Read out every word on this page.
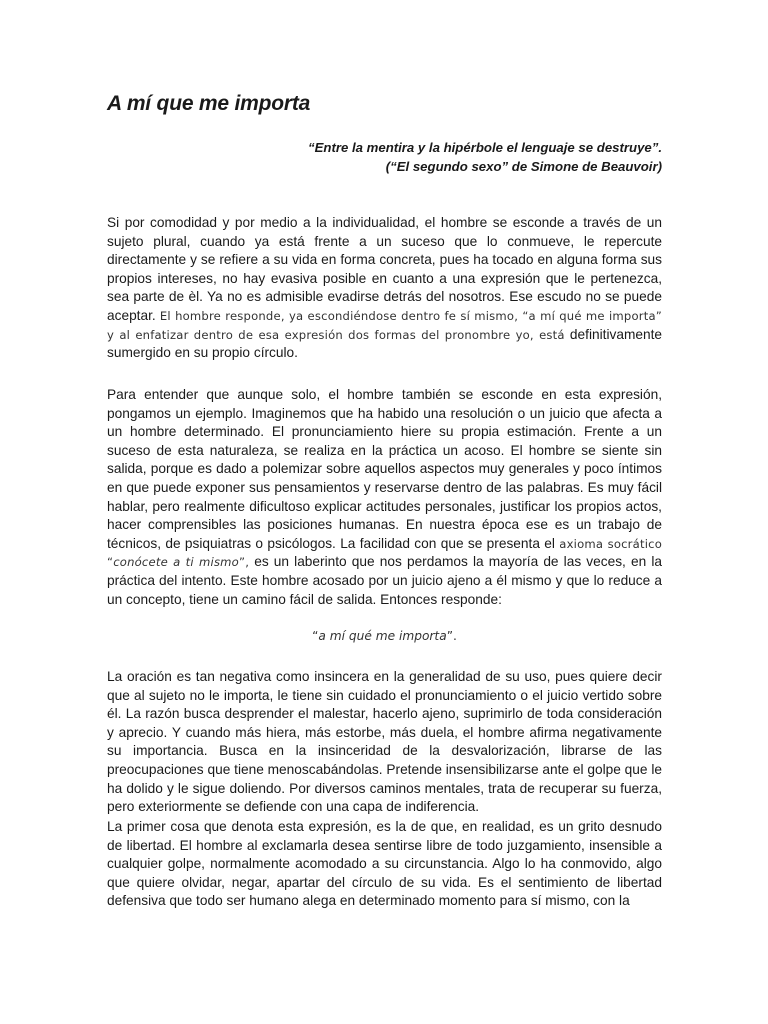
A mí que me importa
“Entre la mentira y la hipérbole el lenguaje se destruye”.
(“El segundo sexo” de Simone de Beauvoir)

Si por comodidad y por medio a la individualidad, el hombre se esconde a través de un sujeto plural, cuando ya está frente a un suceso que lo conmueve, le repercute directamente y se refiere a su vida en forma concreta, pues ha tocado en alguna forma sus propios intereses, no hay evasiva posible en cuanto a una expresión que le pertenezca, sea parte de èl. Ya no es admisible evadirse detrás del nosotros. Ese escudo no se puede aceptar. El hombre responde, ya escondiéndose dentro fe sí mismo, “a mí qué me importa” y al enfatizar dentro de esa expresión dos formas del pronombre yo, está definitivamente sumergido en su propio círculo.

Para entender que aunque solo, el hombre también se esconde en esta expresión, pongamos un ejemplo. Imaginemos que ha habido una resolución o un juicio que afecta a un hombre determinado. El pronunciamiento hiere su propia estimación. Frente a un suceso de esta naturaleza, se realiza en la práctica un acoso. El hombre se siente sin salida, porque es dado a polemizar sobre aquellos aspectos muy generales y poco íntimos en que puede exponer sus pensamientos y reservarse dentro de las palabras. Es muy fácil hablar, pero realmente dificultoso explicar actitudes personales, justificar los propios actos, hacer comprensibles las posiciones humanas. En nuestra época ese es un trabajo de técnicos, de psiquiatras o psicólogos. La facilidad con que se presenta el axioma socrático “conócete a ti mismo”, es un laberinto que nos perdamos la mayoría de las veces, en la práctica del intento. Este hombre acosado por un juicio ajeno a él mismo y que lo reduce a un concepto, tiene un camino fácil de salida. Entonces responde:

“a mí qué me importa”.

La oración es tan negativa como insincera en la generalidad de su uso, pues quiere decir que al sujeto no le importa, le tiene sin cuidado el pronunciamiento o el juicio vertido sobre él. La razón busca desprender el malestar, hacerlo ajeno, suprimirlo de toda consideración y aprecio. Y cuando más hiera, más estorbe, más duela, el hombre afirma negativamente su importancia. Busca en la insinceridad de la desvalorización, librarse de las preocupaciones que tiene menoscabándolas. Pretende insensibilizarse ante el golpe que le ha dolido y le sigue doliendo. Por diversos caminos mentales, trata de recuperar su fuerza, pero exteriormente se defiende con una capa de indiferencia.

La primer cosa que denota esta expresión, es la de que, en realidad, es un grito desnudo de libertad. El hombre al exclamarla desea sentirse libre de todo juzgamiento, insensible a cualquier golpe, normalmente acomodado a su circunstancia. Algo lo ha conmovido, algo que quiere olvidar, negar, apartar del círculo de su vida. Es el sentimiento de libertad defensiva que todo ser humano alega en determinado momento para sí mismo, con la
